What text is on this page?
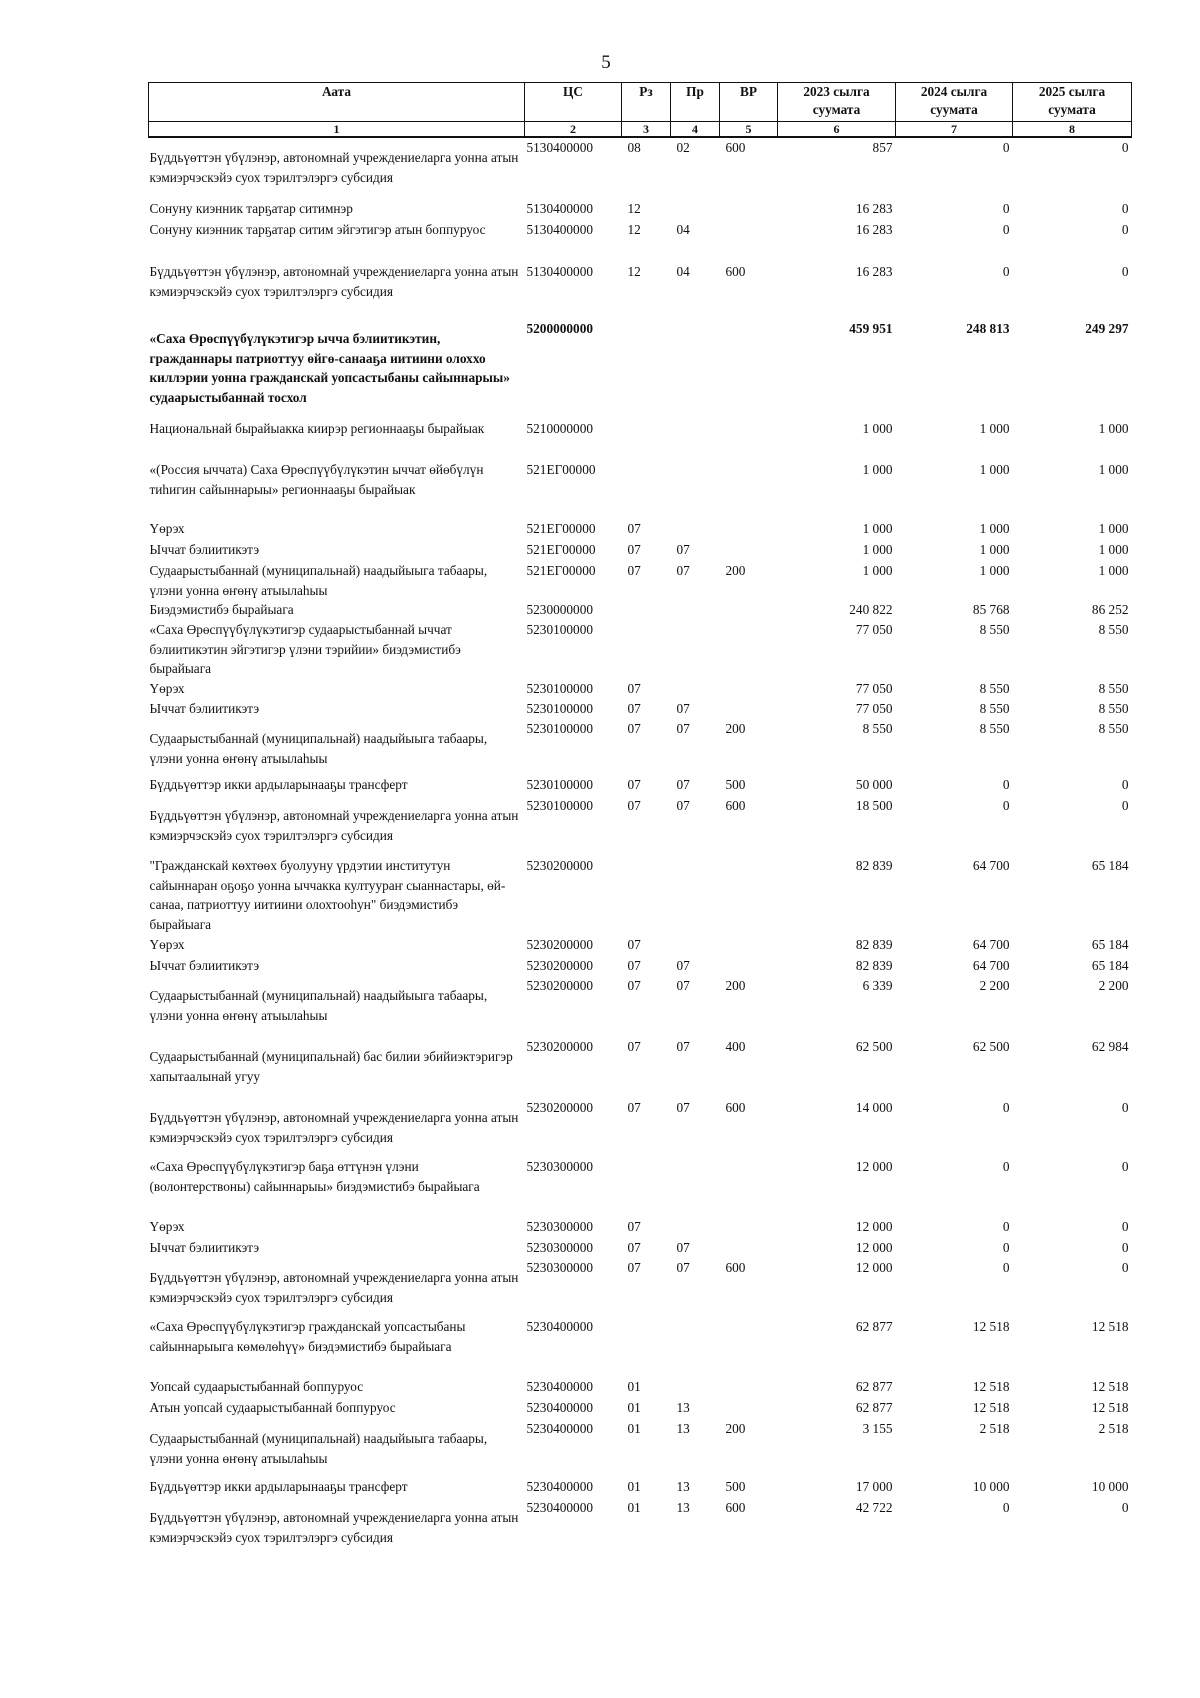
5
Аата	ЦС	Рз	Пр	ВР	2023 сылга суумата	2024 сылга суумата	2025 сылга суумата
1	2	3	4	5	6	7	8

Бүддьүөттэн үбүлэнэр, автономнай учреждениеларга уонна атын кэмиэрчэскэйэ суох тэрилтэлэргэ субсидия	5130400000	08	02	600	857	0	0

Сонуну киэнник тарҕатар ситимнэр	5130400000	12			16 283	0	0

Сонуну киэнник тарҕатар ситим эйгэтигэр атын боппуруос	5130400000	12	04		16 283	0	0

Бүддьүөттэн үбүлэнэр, автономнай учреждениеларга уонна атын кэмиэрчэскэйэ суох тэрилтэлэргэ субсидия	5130400000	12	04	600	16 283	0	0

«Саха Өрөспүүбүлүкэтигэр ычча бэлиитикэтин, гражданнары патриоттуу өйгө-санааҕа иитиини олоххо киллэрии уонна гражданскай уопсастыбаны сайыннарыы» судаарыстыбаннай тосхол	5200000000				459 951	248 813	249 297

Национальнай бырайыакка киирэр регионнааҕы бырайыак	5210000000				1 000	1 000	1 000

«(Россия ыччата) Саха Өрөспүүбүлүкэтин ыччат өйөбүлүн тиһигин сайыннарыы» регионнааҕы бырайыак	521ЕГ00000				1 000	1 000	1 000

Үөрэх	521ЕГ00000	07			1 000	1 000	1 000

Ыччат бэлиитикэтэ	521ЕГ00000	07	07		1 000	1 000	1 000

Судаарыстыбаннай (муниципальнай) наадыйыыга табаары, үлэни уонна өҥөнү атыылаһыы	521ЕГ00000	07	07	200	1 000	1 000	1 000

Биэдэмистибэ бырайыага	5230000000				240 822	85 768	86 252

«Саха Өрөспүүбүлүкэтигэр судаарыстыбаннай ыччат бэлиитикэтин эйгэтигэр үлэни тэрийии» биэдэмистибэ бырайыага	5230100000				77 050	8 550	8 550

Үөрэх	5230100000	07			77 050	8 550	8 550

Ыччат бэлиитикэтэ	5230100000	07	07		77 050	8 550	8 550

Судаарыстыбаннай (муниципальнай) наадыйыыга табаары, үлэни уонна өҥөнү атыылаһыы	5230100000	07	07	200	8 550	8 550	8 550

Бүддьүөттэр икки ардыларынааҕы трансферт	5230100000	07	07	500	50 000	0	0

Бүддьүөттэн үбүлэнэр, автономнай учреждениеларга уонна атын кэмиэрчэскэйэ суох тэрилтэлэргэ субсидия	5230100000	07	07	600	18 500	0	0

"Гражданскай көхтөөх буолууну үрдэтии институтун сайыннаран оҕоҕо уонна ыччакка култуураҥ сыаннастары, өй-санаа, патриоттуу иитиини олохтооһун" биэдэмистибэ бырайыага	5230200000				82 839	64 700	65 184

Үөрэх	5230200000	07			82 839	64 700	65 184

Ыччат бэлиитикэтэ	5230200000	07	07		82 839	64 700	65 184

Судаарыстыбаннай (муниципальнай) наадыйыыга табаары, үлэни уонна өҥөнү атыылаһыы	5230200000	07	07	200	6 339	2 200	2 200

Судаарыстыбаннай (муниципальнай) бас билии эбийиэктэригэр хапытаалынай угуу	5230200000	07	07	400	62 500	62 500	62 984

Бүддьүөттэн үбүлэнэр, автономнай учреждениеларга уонна атын кэмиэрчэскэйэ суох тэрилтэлэргэ субсидия	5230200000	07	07	600	14 000	0	0

«Саха Өрөспүүбүлүкэтигэр баҕа өттүнэн үлэни (волонтерствоны) сайыннарыы» биэдэмистибэ бырайыага	5230300000				12 000	0	0

Үөрэх	5230300000	07			12 000	0	0

Ыччат бэлиитикэтэ	5230300000	07	07		12 000	0	0

Бүддьүөттэн үбүлэнэр, автономнай учреждениеларга уонна атын кэмиэрчэскэйэ суох тэрилтэлэргэ субсидия	5230300000	07	07	600	12 000	0	0

«Саха Өрөспүүбүлүкэтигэр гражданскай уопсастыбаны сайыннарыыга көмөлөһүү» биэдэмистибэ бырайыага	5230400000				62 877	12 518	12 518

Уопсай судаарыстыбаннай боппуруос	5230400000	01			62 877	12 518	12 518

Атын уопсай судаарыстыбаннай боппуруос	5230400000	01	13		62 877	12 518	12 518

Судаарыстыбаннай (муниципальнай) наадыйыыга табаары, үлэни уонна өҥөнү атыылаһыы	5230400000	01	13	200	3 155	2 518	2 518

Бүддьүөттэр икки ардыларынааҕы трансферт	5230400000	01	13	500	17 000	10 000	10 000

Бүддьүөттэн үбүлэнэр, автономнай учреждениеларга уонна атын кэмиэрчэскэйэ суох тэрилтэлэргэ субсидия	5230400000	01	13	600	42 722	0	0
